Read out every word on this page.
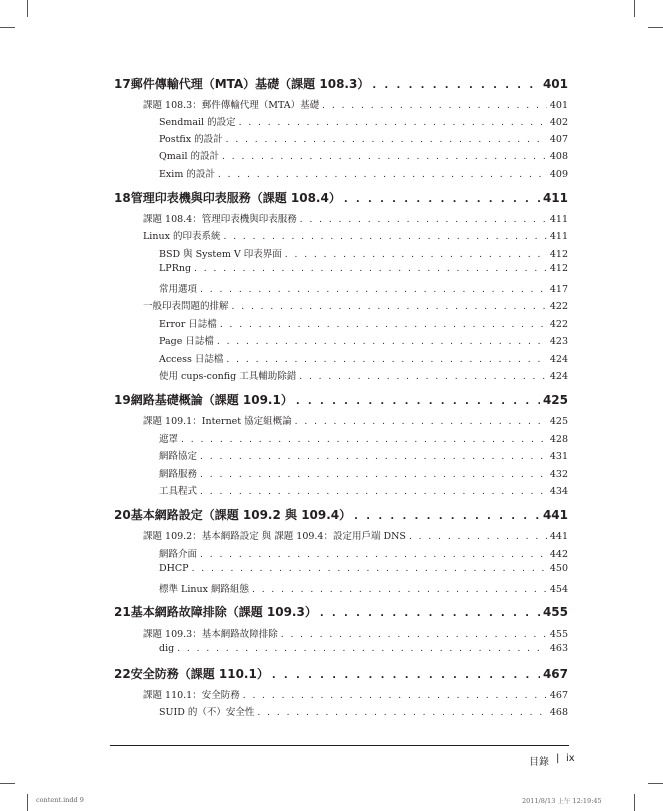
17 郵件傳輸代理（MTA）基礎（課題 108.3） . . .	401
課題 108.3：郵件傳輸代理（MTA）基礎 . . .	401
Sendmail 的設定 . . .	402
Postfix 的設計 . . .	407
Qmail 的設計 . . .	408
Exim 的設計 . . .	409
18 管理印表機與印表服務（課題 108.4） . . .	411
課題 108.4：管理印表機與印表服務 . . .	411
Linux 的印表系統 . . .	411
BSD 與 System V 印表界面 . . .	412
LPRng . . .	412
常用選項 . . .	417
一般印表問題的排解 . . .	422
Error 日誌檔 . . .	422
Page 日誌檔 . . .	423
Access 日誌檔 . . .	424
使用 cups-config 工具輔助除錯 . . .	424
19 網路基礎概論（課題 109.1） . . .	425
課題 109.1：Internet 協定組概論 . . .	425
遮罩 . . .	428
網路協定 . . .	431
網路服務 . . .	432
工具程式 . . .	434
20 基本網路設定（課題 109.2 與 109.4） . . .	441
課題 109.2：基本網路設定 與 課題 109.4：設定用戶端 DNS . . .	441
網路介面 . . .	442
DHCP . . .	450
標準 Linux 網路組態 . . .	454
21 基本網路故障排除（課題 109.3） . . .	455
課題 109.3：基本網路故障排除 . . .	455
dig . . .	463
22 安全防務（課題 110.1） . . .	467
課題 110.1：安全防務 . . .	467
SUID 的（不）安全性 . . .	468
目錄 | ix
content.indd 9	2011/8/13 上午 12:19:45
